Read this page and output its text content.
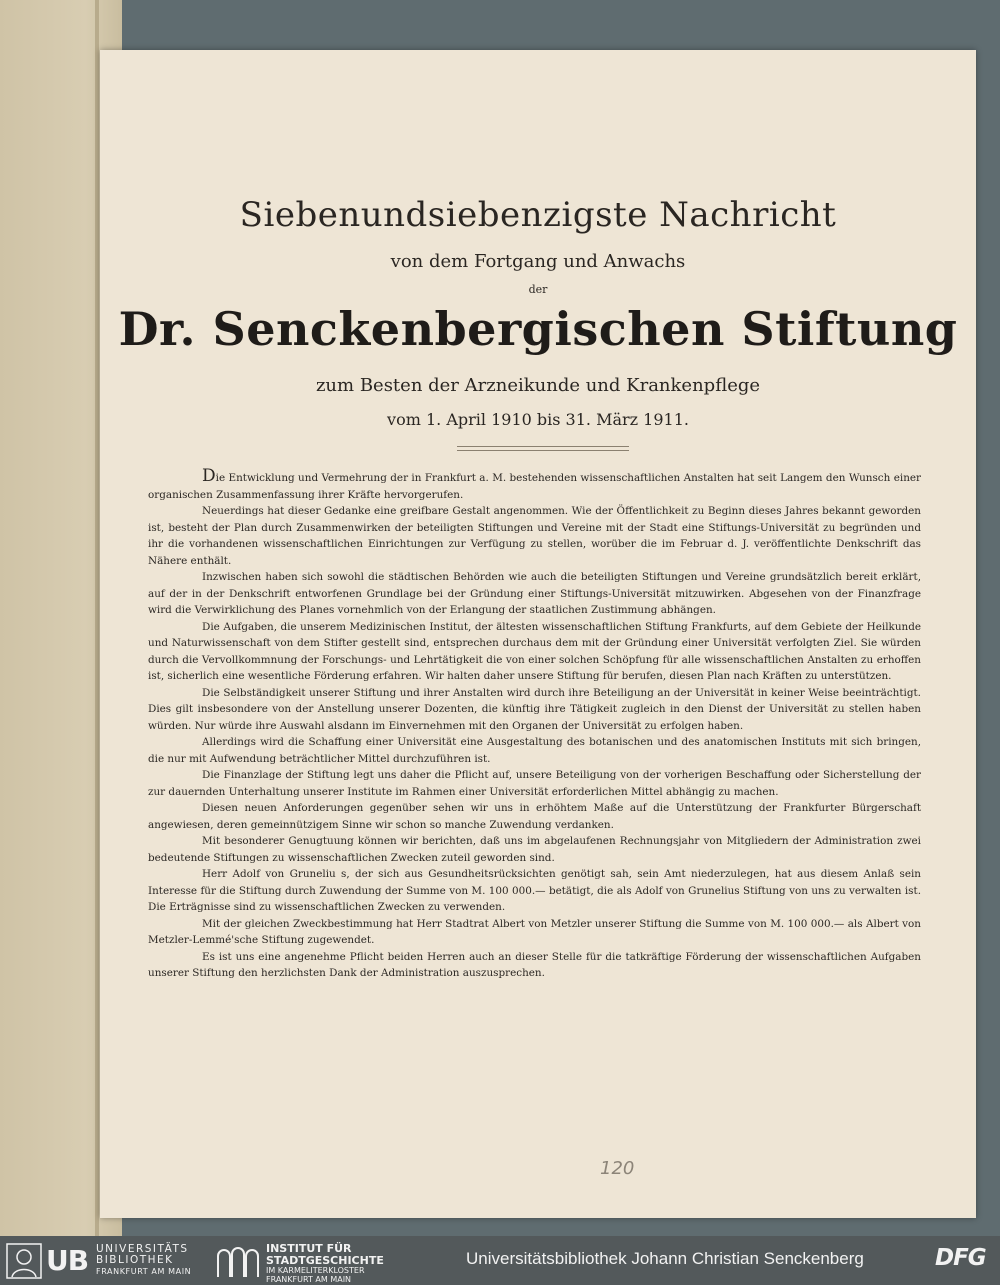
Siebenundsiebenzigste Nachricht
von dem Fortgang und Anwachs
der
Dr. Senckenbergischen Stiftung
zum Besten der Arzneikunde und Krankenpflege
vom 1. April 1910 bis 31. März 1911.

Die Entwicklung und Vermehrung der in Frankfurt a. M. bestehenden wissenschaftlichen Anstalten hat seit Langem den Wunsch einer organischen Zusammenfassung ihrer Kräfte hervorgerufen.

Neuerdings hat dieser Gedanke eine greifbare Gestalt angenommen. Wie der Öffentlichkeit zu Beginn dieses Jahres bekannt geworden ist, besteht der Plan durch Zusammenwirken der beteiligten Stiftungen und Vereine mit der Stadt eine Stiftungs-Universität zu begründen und ihr die vorhandenen wissenschaftlichen Einrichtungen zur Verfügung zu stellen, worüber die im Februar d. J. veröffentlichte Denkschrift das Nähere enthält.

Inzwischen haben sich sowohl die städtischen Behörden wie auch die beteiligten Stiftungen und Vereine grundsätzlich bereit erklärt, auf der in der Denkschrift entworfenen Grundlage bei der Gründung einer Stiftungs-Universität mitzuwirken. Abgesehen von der Finanzfrage wird die Verwirklichung des Planes vornehmlich von der Erlangung der staatlichen Zustimmung abhängen.

Die Aufgaben, die unserem Medizinischen Institut, der ältesten wissenschaftlichen Stiftung Frankfurts, auf dem Gebiete der Heilkunde und Naturwissenschaft von dem Stifter gestellt sind, entsprechen durchaus dem mit der Gründung einer Universität verfolgten Ziel. Sie würden durch die Vervollkommnung der Forschungs- und Lehrtätigkeit die von einer solchen Schöpfung für alle wissenschaftlichen Anstalten zu erhoffen ist, sicherlich eine wesentliche Förderung erfahren. Wir halten daher unsere Stiftung für berufen, diesen Plan nach Kräften zu unterstützen.

Die Selbständigkeit unserer Stiftung und ihrer Anstalten wird durch ihre Beteiligung an der Universität in keiner Weise beeinträchtigt. Dies gilt insbesondere von der Anstellung unserer Dozenten, die künftig ihre Tätigkeit zugleich in den Dienst der Universität zu stellen haben würden. Nur würde ihre Auswahl alsdann im Einvernehmen mit den Organen der Universität zu erfolgen haben.

Allerdings wird die Schaffung einer Universität eine Ausgestaltung des botanischen und des anatomischen Instituts mit sich bringen, die nur mit Aufwendung beträchtlicher Mittel durchzuführen ist.

Die Finanzlage der Stiftung legt uns daher die Pflicht auf, unsere Beteiligung von der vorherigen Beschaffung oder Sicherstellung der zur dauernden Unterhaltung unserer Institute im Rahmen einer Universität erforderlichen Mittel abhängig zu machen.

Diesen neuen Anforderungen gegenüber sehen wir uns in erhöhtem Maße auf die Unterstützung der Frankfurter Bürgerschaft angewiesen, deren gemeinnützigem Sinne wir schon so manche Zuwendung verdanken.

Mit besonderer Genugtuung können wir berichten, daß uns im abgelaufenen Rechnungsjahr von Mitgliedern der Administration zwei bedeutende Stiftungen zu wissenschaftlichen Zwecken zuteil geworden sind.

Herr Adolf von Gruneliu s, der sich aus Gesundheitsrücksichten genötigt sah, sein Amt niederzulegen, hat aus diesem Anlaß sein Interesse für die Stiftung durch Zuwendung der Summe von M. 100 000.— betätigt, die als Adolf von Grunelius Stiftung von uns zu verwalten ist. Die Erträgnisse sind zu wissenschaftlichen Zwecken zu verwenden.

Mit der gleichen Zweckbestimmung hat Herr Stadtrat Albert von Metzler unserer Stiftung die Summe von M. 100 000.— als Albert von Metzler-Lemmé'sche Stiftung zugewendet.

Es ist uns eine angenehme Pflicht beiden Herren auch an dieser Stelle für die tatkräftige Förderung der wissenschaftlichen Aufgaben unserer Stiftung den herzlichsten Dank der Administration auszusprechen.

120
UB UNIVERSITÄTS
BIBLIOTHEK
FRANKFURT AM MAIN
INSTITUT FÜR
STADTGESCHICHTE
IM KARMELITERKLOSTER
FRANKFURT AM MAIN
Universitätsbibliothek Johann Christian Senckenberg	DFG
